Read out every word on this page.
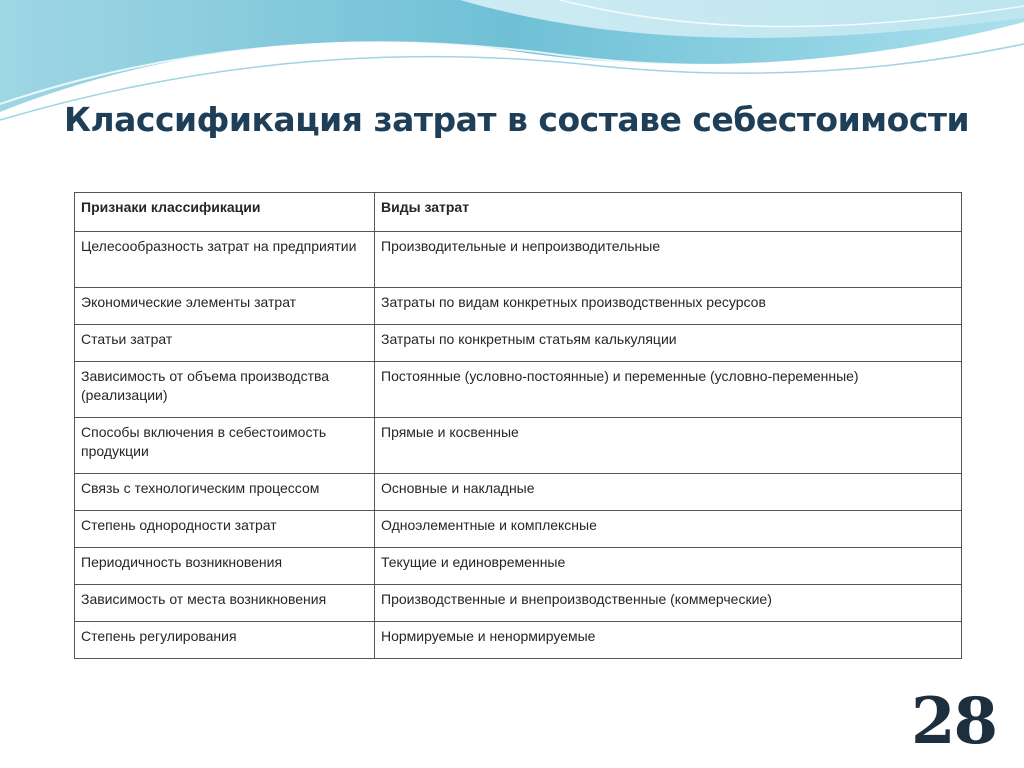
Классификация затрат в составе себестоимости
Признаки классификации	Виды затрат
Целесообразность затрат на предприятии	Производительные и непроизводительные
Экономические элементы затрат	Затраты по видам конкретных производственных ресурсов
Статьи затрат	Затраты по конкретным статьям калькуляции
Зависимость от объема производства (реализации)	Постоянные (условно-постоянные) и переменные (условно-переменные)
Способы включения в себестоимость продукции	Прямые и косвенные
Связь с технологическим процессом	Основные и накладные
Степень однородности затрат	Одноэлементные и комплексные
Периодичность возникновения	Текущие и единовременные
Зависимость от места возникновения	Производственные и внепроизводственные (коммерческие)
Степень регулирования	Нормируемые и ненормируемые
28
